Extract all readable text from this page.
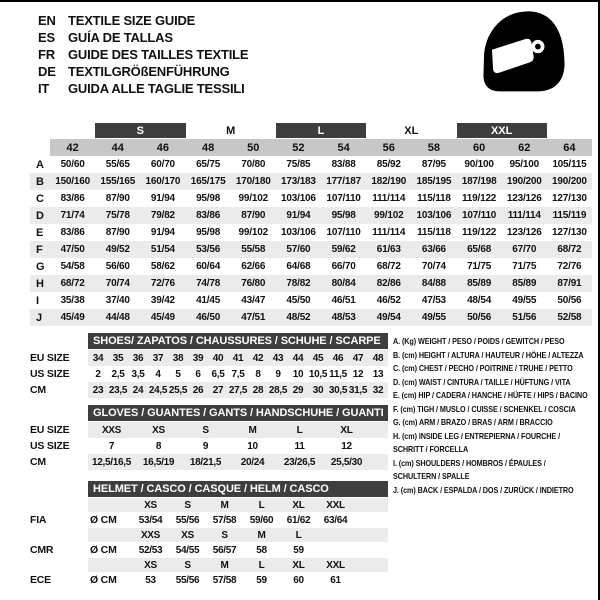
EN TEXTILE SIZE GUIDE
ES	GUÍA DE TALLAS
FR	GUIDE DES TAILLES TEXTILE
DE TEXTILGRÖßENFÜHRUNG
IT	GUIDA ALLE TAGLIE TESSILI
S	M	L	XL	XXL
42	44	46	48	50	52	54	56	58	60	62	64
A	50/60	55/65	60/70	65/75	70/80	75/85	83/88	85/92	87/95	90/100	95/100	105/115
B	150/160	155/165	160/170	165/175	170/180	173/183	177/187	182/190	185/195	187/198	190/200	190/200
C	83/86	87/90	91/94	95/98	99/102	103/106	107/110	111/114	115/118	119/122	123/126	127/130
D	71/74	75/78	79/82	83/86	87/90	91/94	95/98	99/102	103/106	107/110	111/114	115/119
E	83/86	87/90	91/94	95/98	99/102	103/106	107/110	111/114	115/118	119/122	123/126	127/130
F	47/50	49/52	51/54	53/56	55/58	57/60	59/62	61/63	63/66	65/68	67/70	68/72
G	54/58	56/60	58/62	60/64	62/66	64/68	66/70	68/72	70/74	71/75	71/75	72/76
H	68/72	70/74	72/76	74/78	76/80	78/82	80/84	82/86	84/88	85/89	85/89	87/91
I	35/38	37/40	39/42	41/45	43/47	45/50	46/51	46/52	47/53	48/54	49/55	50/56
J	45/49	44/48	45/49	46/50	47/51	48/52	48/53	49/54	49/55	50/56	51/56	52/58
SHOES/ ZAPATOS / CHAUSSURES / SCHUHE / SCARPE
EU SIZE	34 35 36 37 38 39 40 41 42 43 44 45 46 47 48
US SIZE	2	2,5 3,5	4	5	6	6,5 7,5	8	9	10 10,5 11,5 12 13
CM	23 23,5 24 24,5 25,5 26 27 27,5 28 28,5 29 30 30,5 31,5 32
GLOVES / GUANTES / GANTS / HANDSCHUHE / GUANTI
EU SIZE	XXS	XS	S	M	L	XL
US SIZE	7	8	9	10	11	12
CM	12,5/16,5	16,5/19	18/21,5	20/24	23/26,5	25,5/30
HELMET / CASCO / CASQUE / HELM / CASCO
XS	S	M	L	XL	XXL
FIA	Ø CM	53/54	55/56	57/58	59/60	61/62	63/64
XXS	XS	S	M	L
CMR	Ø CM	52/53	54/55	56/57	58	59
XS	S	M	L	XL	XXL
ECE	Ø CM	53	55/56	57/58	59	60	61
A. (Kg) WEIGHT / PESO / POIDS / GEWITCH / PESO
B. (cm) HEIGHT / ALTURA / HAUTEUR / HÖHE / ALTEZZA
C. (cm) CHEST / PECHO / POITRINE / TRUHE / PETTO
D. (cm) WAIST / CINTURA / TAILLE / HÜFTUNG / VITA
E. (cm) HIP / CADERA / HANCHE / HÜFTE / HIPS / BACINO
F. (cm) TIGH / MUSLO / CUISSE / SCHENKEL / COSCIA
G. (cm) ARM / BRAZO / BRAS / ARM / BRACCIO
H. (cm) INSIDE LEG / ENTREPIERNA / FOURCHE /
SCHRITT / FORCELLA
I. (cm) SHOULDERS / HOMBROS / ÉPAULES /
SCHULTERN / SPALLE
J. (cm) BACK / ESPALDA / DOS / ZURÜCK / INDIETRO
